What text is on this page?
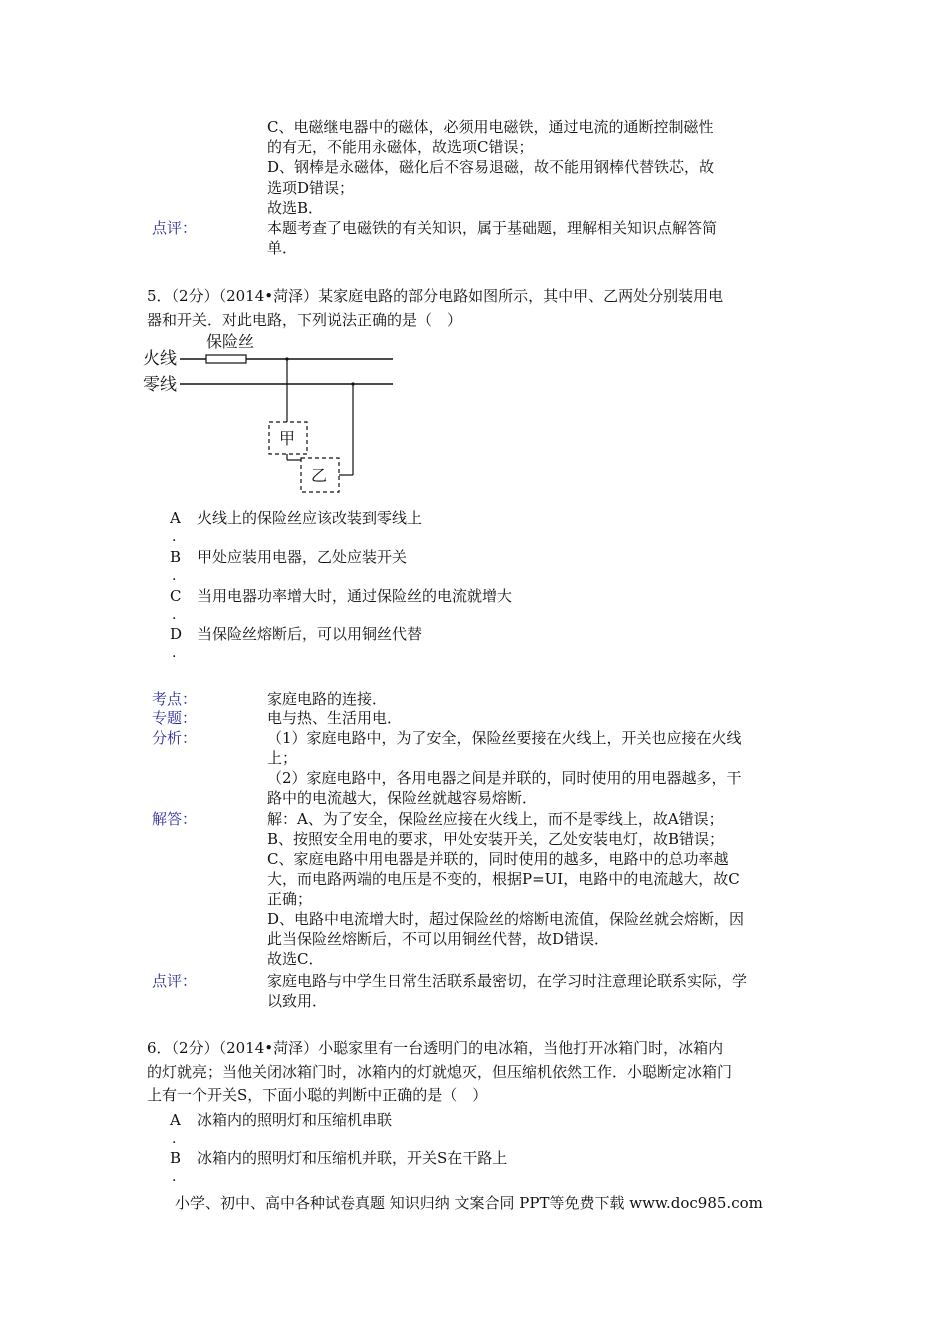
C、电磁继电器中的磁体，必须用电磁铁，通过电流的通断控制磁性
的有无，不能用永磁体，故选项C错误；
D、钢棒是永磁体，磁化后不容易退磁，故不能用钢棒代替铁芯，故
选项D错误；
故选B．
点评：	本题考查了电磁铁的有关知识，属于基础题，理解相关知识点解答简
单．
5．（2分）（2014•菏泽）某家庭电路的部分电路如图所示，其中甲、乙两处分别装用电
器和开关．对此电路，下列说法正确的是（　）
火线
零线
保险丝
甲
乙
A 火线上的保险丝应该改装到零线上
.
B 甲处应装用电器，乙处应装开关
.
C 当用电器功率增大时，通过保险丝的电流就增大
.
D 当保险丝熔断后，可以用铜丝代替
.
考点：	家庭电路的连接．
专题：	电与热、生活用电．
分析：	（1）家庭电路中，为了安全，保险丝要接在火线上，开关也应接在火线
上；
（2）家庭电路中，各用电器之间是并联的，同时使用的用电器越多，干
路中的电流越大，保险丝就越容易熔断．
解答：	解：A、为了安全，保险丝应接在火线上，而不是零线上，故A错误；
B、按照安全用电的要求，甲处安装开关，乙处安装电灯，故B错误；
C、家庭电路中用电器是并联的，同时使用的越多，电路中的总功率越
大，而电路两端的电压是不变的，根据P=UI，电路中的电流越大，故C
正确；
D、电路中电流增大时，超过保险丝的熔断电流值，保险丝就会熔断，因
此当保险丝熔断后，不可以用铜丝代替，故D错误．
故选C．
点评：	家庭电路与中学生日常生活联系最密切，在学习时注意理论联系实际，学
以致用．
6．（2分）（2014•菏泽）小聪家里有一台透明门的电冰箱，当他打开冰箱门时，冰箱内
的灯就亮；当他关闭冰箱门时，冰箱内的灯就熄灭，但压缩机依然工作．小聪断定冰箱门
上有一个开关S，下面小聪的判断中正确的是（　）
A 冰箱内的照明灯和压缩机串联
.
B 冰箱内的照明灯和压缩机并联，开关S在干路上
.
小学、初中、高中各种试卷真题 知识归纳 文案合同 PPT等免费下载 www.doc985.com
